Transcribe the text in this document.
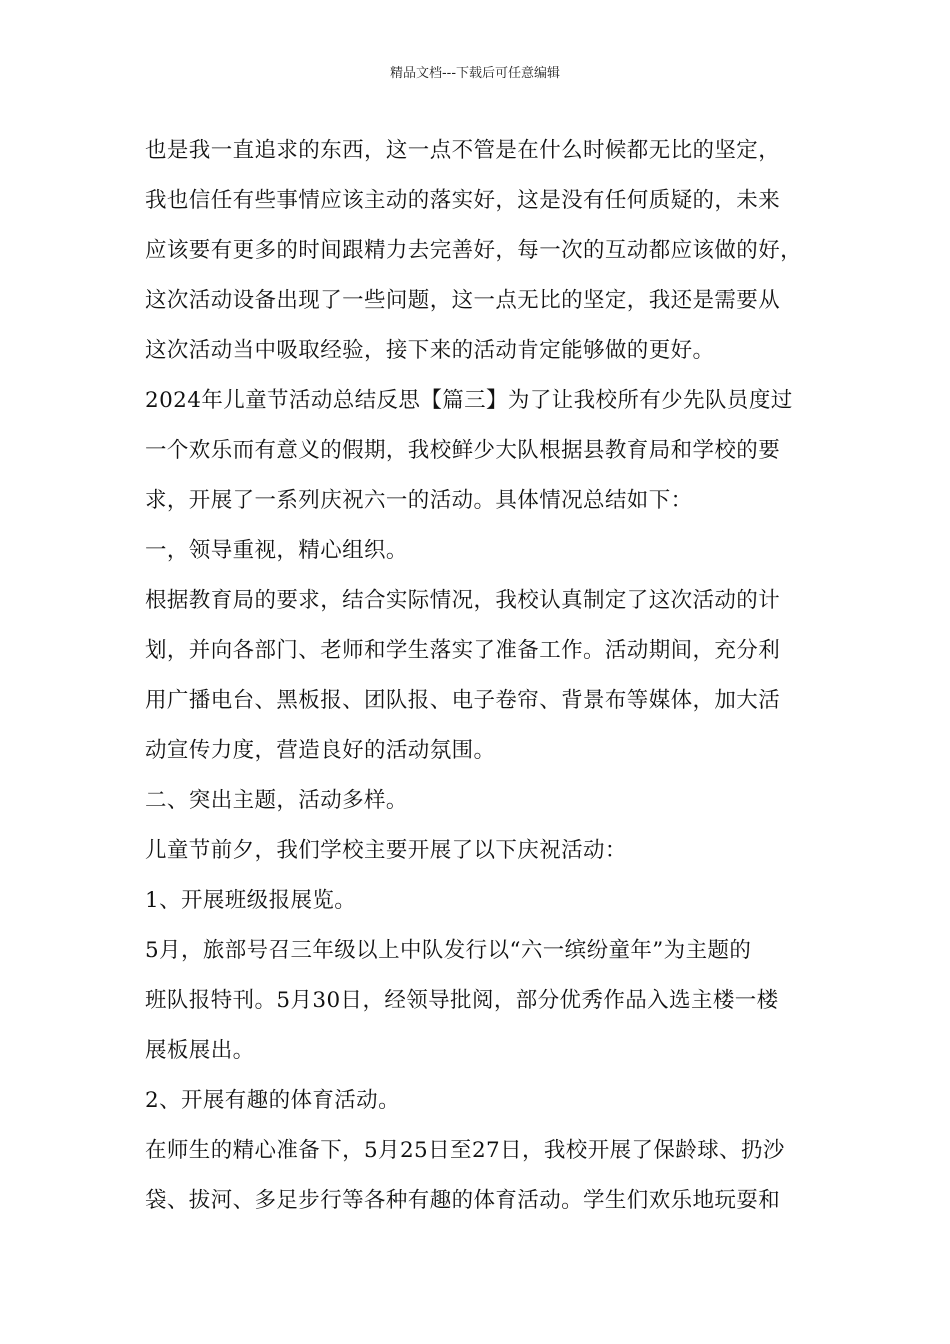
精品文档---下载后可任意编辑
也是我一直追求的东西，这一点不管是在什么时候都无比的坚定，
我也信任有些事情应该主动的落实好，这是没有任何质疑的，未来
应该要有更多的时间跟精力去完善好，每一次的互动都应该做的好，
这次活动设备出现了一些问题，这一点无比的坚定，我还是需要从
这次活动当中吸取经验，接下来的活动肯定能够做的更好。
2024年儿童节活动总结反思【篇三】为了让我校所有少先队员度过
一个欢乐而有意义的假期，我校鲜少大队根据县教育局和学校的要
求，开展了一系列庆祝六一的活动。具体情况总结如下：
一，领导重视，精心组织。
根据教育局的要求，结合实际情况，我校认真制定了这次活动的计
划，并向各部门、老师和学生落实了准备工作。活动期间，充分利
用广播电台、黑板报、团队报、电子卷帘、背景布等媒体，加大活
动宣传力度，营造良好的活动氛围。
二、突出主题，活动多样。
儿童节前夕，我们学校主要开展了以下庆祝活动：
1、开展班级报展览。
5月，旅部号召三年级以上中队发行以“六一缤纷童年”为主题的
班队报特刊。5月30日，经领导批阅，部分优秀作品入选主楼一楼
展板展出。
2、开展有趣的体育活动。
在师生的精心准备下，5月25日至27日，我校开展了保龄球、扔沙
袋、拔河、多足步行等各种有趣的体育活动。学生们欢乐地玩耍和
